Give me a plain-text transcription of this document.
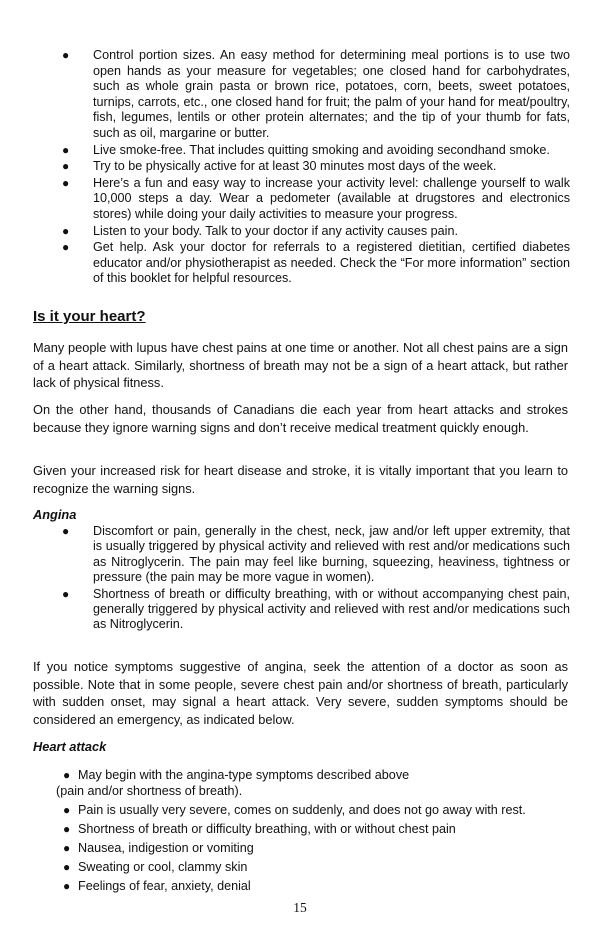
● Control portion sizes. An easy method for determining meal portions is to use two open hands as your measure for vegetables; one closed hand for carbohydrates, such as whole grain pasta or brown rice, potatoes, corn, beets, sweet potatoes, turnips, carrots, etc., one closed hand for fruit; the palm of your hand for meat/poultry, fish, legumes, lentils or other protein alternates; and the tip of your thumb for fats, such as oil, margarine or butter.
● Live smoke-free. That includes quitting smoking and avoiding secondhand smoke.
● Try to be physically active for at least 30 minutes most days of the week.
● Here’s a fun and easy way to increase your activity level: challenge yourself to walk 10,000 steps a day. Wear a pedometer (available at drugstores and electronics stores) while doing your daily activities to measure your progress.
● Listen to your body. Talk to your doctor if any activity causes pain.
● Get help. Ask your doctor for referrals to a registered dietitian, certified diabetes educator and/or physiotherapist as needed. Check the “For more information” section of this booklet for helpful resources.
Is it your heart?

Many people with lupus have chest pains at one time or another. Not all chest pains are a sign of a heart attack. Similarly, shortness of breath may not be a sign of a heart attack, but rather lack of physical fitness.

On the other hand, thousands of Canadians die each year from heart attacks and strokes because they ignore warning signs and don’t receive medical treatment quickly enough.

Given your increased risk for heart disease and stroke, it is vitally important that you learn to recognize the warning signs.

Angina
● Discomfort or pain, generally in the chest, neck, jaw and/or left upper extremity, that is usually triggered by physical activity and relieved with rest and/or medications such as Nitroglycerin. The pain may feel like burning, squeezing, heaviness, tightness or pressure (the pain may be more vague in women).
● Shortness of breath or difficulty breathing, with or without accompanying chest pain, generally triggered by physical activity and relieved with rest and/or medications such as Nitroglycerin.

If you notice symptoms suggestive of angina, seek the attention of a doctor as soon as possible. Note that in some people, severe chest pain and/or shortness of breath, particularly with sudden onset, may signal a heart attack. Very severe, sudden symptoms should be considered an emergency, as indicated below.

Heart attack
● May begin with the angina-type symptoms described above
(pain and/or shortness of breath).
● Pain is usually very severe, comes on suddenly, and does not go away with rest.
● Shortness of breath or difficulty breathing, with or without chest pain
● Nausea, indigestion or vomiting
● Sweating or cool, clammy skin
● Feelings of fear, anxiety, denial
15
